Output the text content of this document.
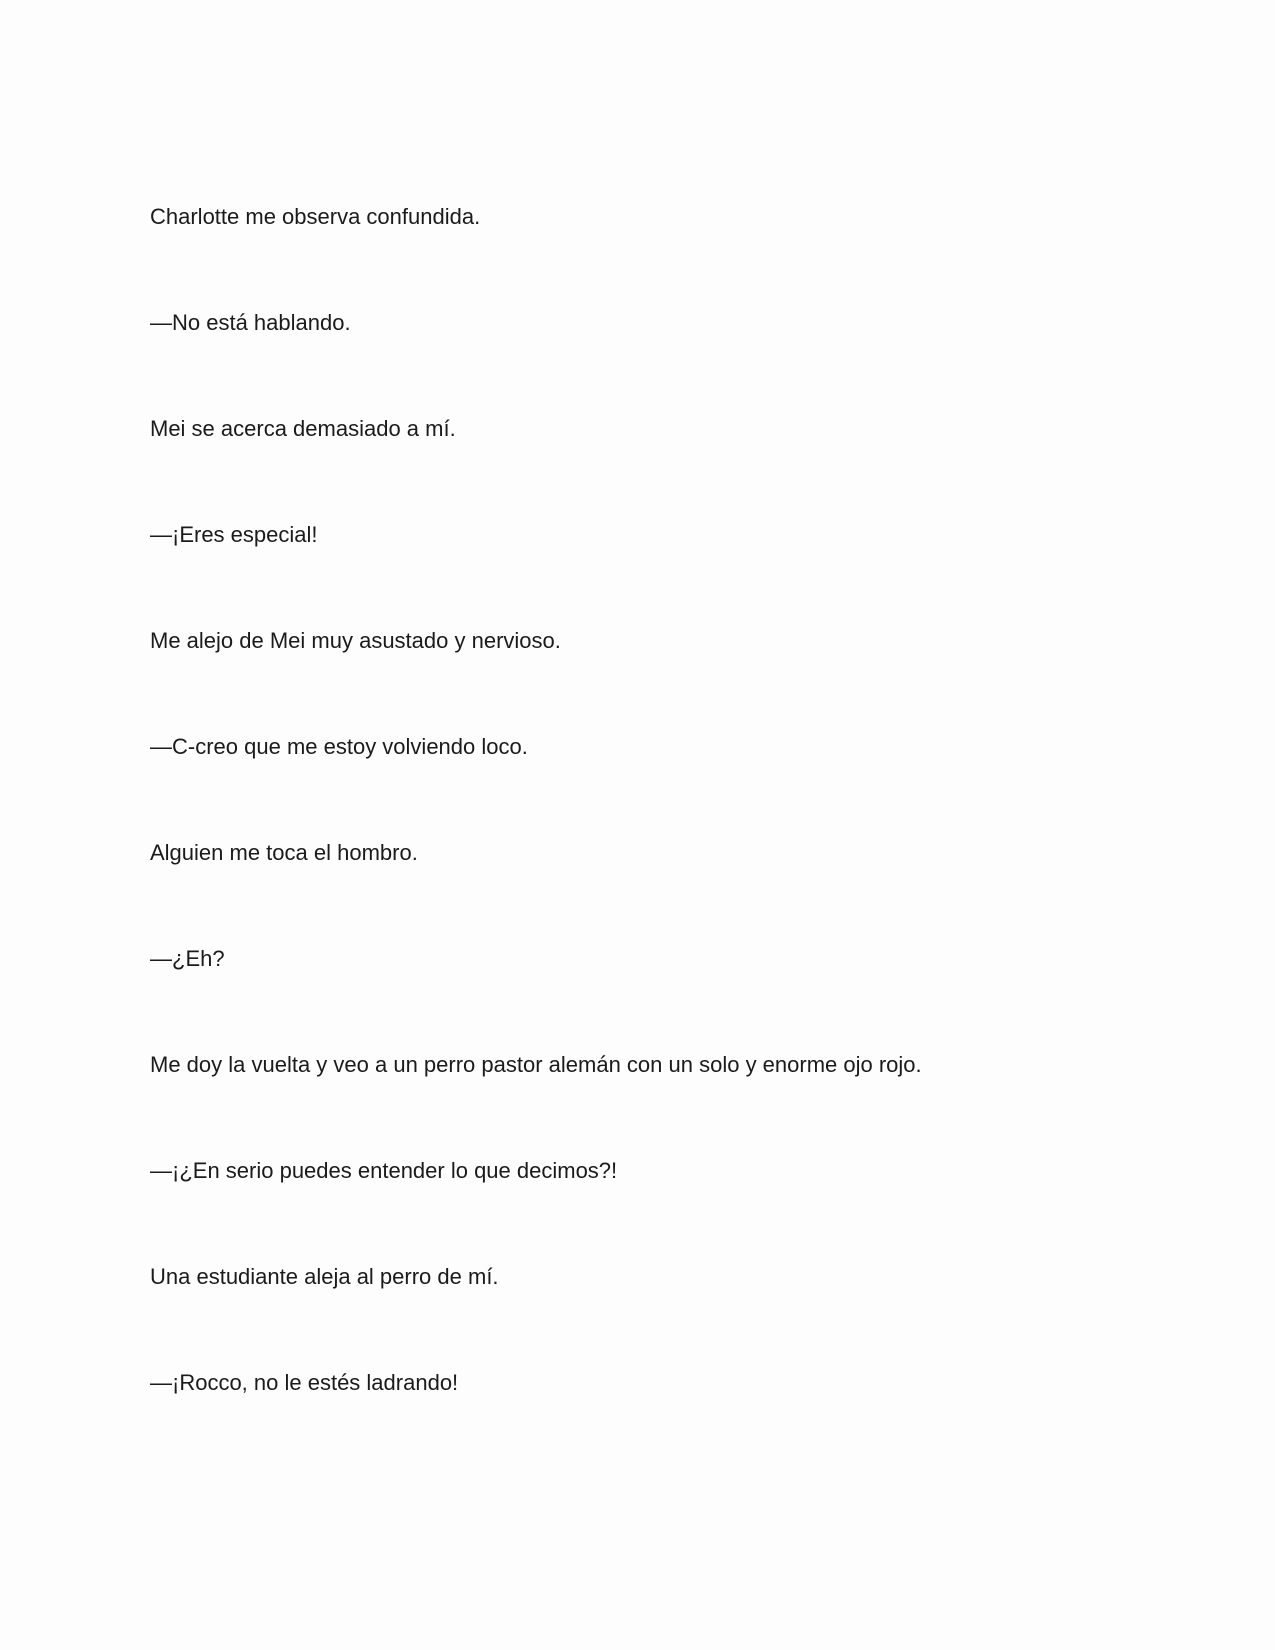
Charlotte me observa confundida.

—No está hablando.

Mei se acerca demasiado a mí.

—¡Eres especial!

Me alejo de Mei muy asustado y nervioso.

—C-creo que me estoy volviendo loco.

Alguien me toca el hombro.

—¿Eh?

Me doy la vuelta y veo a un perro pastor alemán con un solo y enorme ojo rojo.

—¡¿En serio puedes entender lo que decimos?!

Una estudiante aleja al perro de mí.

—¡Rocco, no le estés ladrando!
